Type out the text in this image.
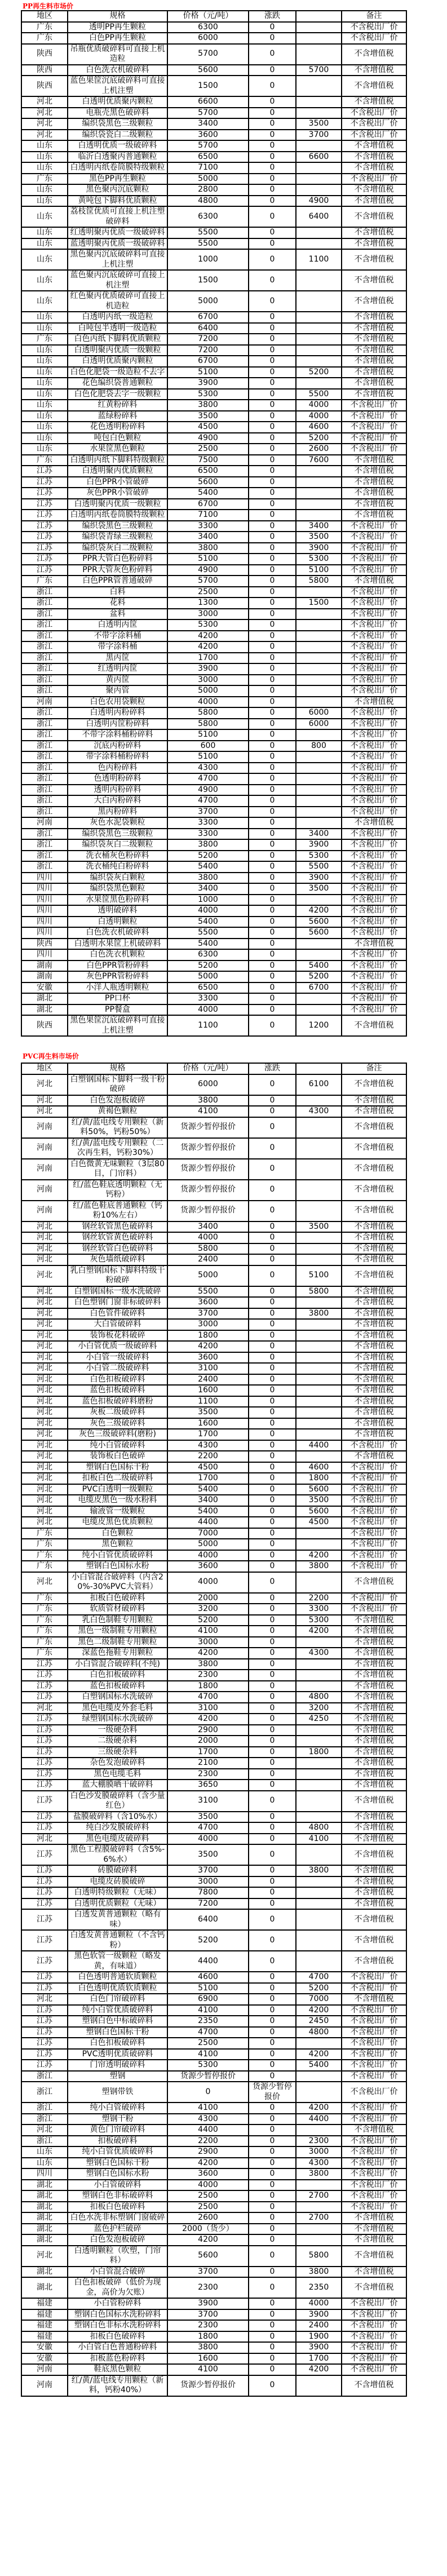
PP再生料市场价
地区	规格	价格（元/吨）	涨跌		备注
广东	透明PP再生颗粒	6300	0		不含税出厂价
广东	白色PP再生颗粒	6000	0		不含税出厂价
陕西	吊瓶优质破碎料可直接上机造粒	5700	0		不含增值税
陕西	白色洗衣机破碎料	5600	0	5700	不含增值税
陕西	蓝色果筐沉底破碎料可直接上机注塑	1500	0		不含增值税
河北	白透明优质聚丙颗粒	6600	0		不含增值税
河北	电瓶壳黑色破碎料	5700	0		不含税出厂价
河北	编织袋黑色三级颗粒	3400	0	3500	不含税出厂价
河北	编织袋瓷白二级颗粒	3600	0	3700	不含税出厂价
山东	白透明优质一级破碎料	5700	0		不含增值税
山东	临沂白透聚丙普通颗粒	6500	0	6600	不含增值税
山东	白透明丙纸卷筒膜特级颗粒	7100	0		不含增值税
广东	黑色PP再生颗粒	5000	0		不含税出厂价
山东	黑色聚丙沉底颗粒	2800	0		不含增值税
山东	黄吨包下脚料优质颗粒	4800	0	4900	不含增值税
山东	荔枝筐优质可直接上机注塑破碎料	6300	0	6400	不含增值税
山东	红透明聚丙优质一级破碎料	5500	0		不含增值税
山东	蓝透明聚丙优质一级破碎料	5500	0		不含增值税
山东	黑色聚丙沉底破碎料可直接上机注塑	1000	0	1100	不含增值税
山东	蓝色聚丙沉底破碎可直接上机注塑	1500	0		不含增值税
山东	红色聚丙优质破碎可直接上机造粒	5000	0		不含增值税
山东	白透明丙纸一级造粒	6700	0		不含增值税
山东	白吨包半透明一级造粒	6400	0		不含增值税
广东	白色丙纸下脚料优质颗粒	7200	0		不含增值税
山东	白透明聚丙优质一级颗粒	7200	0		不含增值税
山东	白透明优质聚丙颗粒	6700	0		不含增值税
山东	白色化肥袋一级造粒不去字	5100	0	5200	不含增值税
山东	花色编织袋普通颗粒	3900	0		不含增值税
山东	白色化肥袋去字一级颗粒	5300	0	5500	不含增值税
山东	红黄粉碎料	3800	0	4000	不含税出厂价
山东	蓝绿粉碎料	3500	0	4000	不含税出厂价
山东	花色透明粉碎料	4500	0	4600	不含税出厂价
山东	吨包白色颗粒	4900	0	5200	不含税出厂价
山东	水果筐黑色颗粒	2500	0	2600	不含税出厂价
广东	白透明丙纸下脚料特级颗粒	7500	0	7600	不含增值税
江苏	白透明聚丙优质颗粒	6500	0		不含增值税
江苏	白色PPR小管破碎	5600	0		不含增值税
江苏	灰色PPR小管破碎	5400	0		不含增值税
江苏	白透明聚丙优质一级颗粒	6700	0		不含增值税
江苏	白透明丙纸卷筒膜特级颗粒	7100	0		不含增值税
江苏	编织袋黑色三级颗粒	3300	0	3400	不含税出厂价
江苏	编织袋青绿三级颗粒	3400	0	3500	不含税出厂价
江苏	编织袋灰白二级颗粒	3800	0	3900	不含税出厂价
江苏	PPR大管白色粉碎料	5100	0	5300	不含税出厂价
江苏	PPR大管灰色粉碎料	4900	0	5100	不含税出厂价
广东	白色PPR管普通破碎	5700	0	5800	不含增值税
浙江	白料	2500	0		不含税出厂价
浙江	花料	1300	0	1500	不含税出厂价
浙江	盆料	3000	0		不含税出厂价
浙江	白透明丙筐	5300	0		不含税出厂价
浙江	不带字涂料桶	4200	0		不含税出厂价
浙江	带字涂料桶	4200	0		不含税出厂价
浙江	黑丙筐	1700	0		不含税出厂价
浙江	红透明丙筐	3900	0		不含税出厂价
浙江	黄丙筐	3000	0		不含税出厂价
浙江	聚丙管	5000	0		不含税出厂价
河南	白色农用袋颗粒	4000	0		不含增值税
浙江	白透明丙粉碎料	5800	0	6000	不含税出厂价
浙江	白透明丙筐粉碎料	5800	0	6000	不含税出厂价
浙江	不带字涂料桶粉碎料	5100	0		不含税出厂价
浙江	沉底丙粉碎料	600	0	800	不含税出厂价
浙江	带字涂料桶粉碎料	5100	0		不含税出厂价
浙江	色丙粉碎料	4300	0		不含税出厂价
浙江	色透明粉碎料	4700	0		不含税出厂价
浙江	透明丙粉碎料	4900	0		不含税出厂价
浙江	大白丙粉碎料	4700	0		不含税出厂价
浙江	黑丙粉碎料	3700	0		不含税出厂价
河南	灰色水泥袋颗粒	3300	0		不含增值税
浙江	编织袋黑色三级颗粒	3300	0	3400	不含税出厂价
浙江	编织袋灰白二级颗粒	3800	0	3900	不含税出厂价
浙江	洗衣桶灰色粉碎料	5200	0	5300	不含税出厂价
浙江	洗衣桶纯白粉碎料	5400	0	5500	不含税出厂价
四川	编织袋灰白颗粒	3800	0	3900	不含税出厂价
四川	编织袋黑色颗粒	3400	0	3500	不含税出厂价
四川	水果筐黑色粉碎料	1000	0		不含税出厂价
四川	透明破碎料	4000	0	4200	不含税出厂价
四川	白透明颗粒	5400	0	5600	不含税出厂价
四川	白色洗衣机破碎料	5500	0	5600	不含税出厂价
陕西	白透明水果筐上机破碎料	5400	0		不含增值税
四川	白色洗衣机颗粒	6300	0		不含税出厂价
湖南	白色PPR管粉碎料	5200	0	5400	不含税出厂价
湖南	灰色PPR管粉碎料	5000	0	5200	不含税出厂价
安徽	小洋人瓶透明颗粒	6500	0	6700	不含税出厂价
湖北	PP口杯	3300	0		不含税出厂价
湖北	PP餐盒	4000	0		不含税出厂价
陕西	黑色果筐沉底破碎料可直接上机注塑	1100	0	1200	不含增值税
PVC再生料市场价
地区	规格	价格（元/吨）	涨跌		备注
河北	白塑钢国标下脚料一级干粉破碎	6000	0	6100	不含增值税
河北	白色发泡板破碎	3800	0		不含增值税
河北	黄褐色颗粒	4100	0	4300	不含增值税
河南	红/黄/蓝电线专用颗粒（新料50%，钙粉50%）	货源少暂停报价	0		不含增值税
河南	红/黄/蓝电线专用颗粒（二次再生料，钙粉30%）	货源少暂停报价	0		不含增值税
河南	白色微黄无味颗粒（3层80目，门帘料）	货源少暂停报价	0		不含增值税
河南	红/蓝色鞋底透明颗粒（无钙粉）	货源少暂停报价	0		不含增值税
河南	红/蓝色鞋底普通颗粒（钙粉10%左右）	货源少暂停报价	0		不含增值税
河北	钢丝软管黑色破碎料	3400	0	3500	不含增值税
河北	钢丝软管黄色破碎料	4000	0		不含增值税
河北	钢丝软管白色破碎料	5800	0		不含增值税
河北	灰色墙纸破碎料	2400	0		不含增值税
河北	乳白塑钢国标下脚料特级干粉破碎	5000	0	5100	不含增值税
河北	白塑钢国标一级水洗破碎	5500	0	5800	不含增值税
河北	白色塑钢门窗非标破碎料	3600	0		不含增值税
河北	白色管件破碎料	3700	0	3800	不含增值税
河北	大白管破碎料	3000	0		不含增值税
河北	装饰板花料破碎	1800	0		不含增值税
河北	小白管优质一级破碎料	4200	0		不含增值税
河北	小白管一级破碎料	3600	0		不含增值税
河北	小白管二级破碎料	3100	0		不含增值税
河北	白色扣板破碎料	2400	0		不含增值税
河北	蓝色扣板破碎料	1600	0		不含增值税
河北	蓝色扣板破碎料磨粉	1100	0		不含增值税
河北	灰板二级破碎料	3500	0		不含增值税
河北	灰色三级破碎料	1600	0		不含增值税
河北	灰色三级破碎料(磨粉)	1700	0		不含增值税
河北	纯小白管破碎料	4300	0	4400	不含税出厂价
河北	装饰板白色破碎	2200	0		不含增值税
河北	塑钢白色国标干粉	4500	0	4600	不含税出厂价
河北	扣板白色二级破碎料	1700	0	1800	不含税出厂价
河北	PVC白透明一级颗粒	5400	0	5600	不含税出厂价
河北	电缆皮黑色一级水粉料	3400	0	3500	不含税出厂价
河北	输液管一级颗粒	5400	0	5600	不含税出厂价
河北	电缆皮黑色优质颗粒	4400	0	4500	不含税出厂价
广东	白色颗粒	7000	0		不含税出厂价
广东	黑色颗粒	5000	0		不含税出厂价
广东	纯小白管优质破碎料	4000	0	4200	不含税出厂价
广东	塑钢白色国标水粉	3600	0	3800	不含税出厂价
河北	小白管混合破碎料（内含20%-30%PVC大管料）	4000	0		不含增值税
广东	扣板白色破碎料	2000	0	2200	不含税出厂价
广东	软质管材破碎料	3200	0	3300	不含税出厂价
广东	乳白色制鞋专用颗粒	5200	0	5300	不含增值税
广东	黑色一级制鞋专用颗粒	4100	0	4200	不含增值税
广东	黑色二级制鞋专用颗粒	3000	0		不含增值税
广东	深蓝色拖鞋专用颗粒	4200	0	4300	不含增值税
江苏	小白管混合破碎料(不纯)	3800	0		不含增值税
江苏	白色扣板破碎料	2300	0		不含增值税
江苏	蓝色扣板破碎料	1800	0		不含增值税
江苏	白塑钢国标水洗破碎	4700	0	4800	不含增值税
河北	黑色电缆皮外套毛料	3100	0	3200	不含增值税
江苏	绿塑钢国标水洗破碎	4200	0	4250	不含增值税
江苏	一级硬杂料	2900	0		不含增值税
江苏	二级硬杂料	2000	0		不含增值税
江苏	三级硬杂料	1700	0	1800	不含增值税
江苏	杂色发泡破碎料	2100	0		不含增值税
江苏	黑色电缆毛料	2300	0		不含增值税
江苏	蓝大棚膜晒干破碎料	3650	0		不含增值税
江苏	白色沙发膜破碎料（含少量红色）	3100	0		不含增值税
江苏	盐膜破碎料（含10%水）	3500	0		不含增值税
江苏	纯白沙发膜破碎料	4700	0	4800	不含增值税
河北	黑色电缆皮破碎料	4000	0	4100	不含增值税
江苏	黑色工程膜破碎料（含5%-6%水）	3500	0		不含增值税
江苏	砖膜破碎料	3700	0	3800	不含增值税
江苏	电缆皮砖膜破碎	3000	0		不含增值税
江苏	白透明特级颗粒（无味）	7800	0		不含增值税
江苏	白透明优质颗粒（无味）	7200	0		不含增值税
江苏	白透发黄普通颗粒（略有味）	6400	0		不含增值税
江苏	白透发黄普通颗粒（不含钙粉）	5200	0		不含增值税
江苏	黑色软管一级颗粒（略发黄，有味道）	4400	0		不含增值税
江苏	白色透明普通软质颗粒	4600	0	4700	不含税出厂价
江苏	白色透明优质软质颗粒	5100	0	5200	不含税出厂价
河北	白色门帘破碎料	6900	0	7000	不含增值税
江苏	纯小白管优质破碎料	4100	0	4200	不含税出厂价
江苏	塑钢白色中标破碎料	2350	0	2450	不含税出厂价
江苏	塑钢白色国标干粉	4700	0	4800	不含税出厂价
江苏	白色扣板破碎料	2500	0		不含税出厂价
江苏	PVC透明优质破碎料	4100	0	4200	不含税出厂价
江苏	门帘透明破碎料	5300	0	5400	不含税出厂价
浙江	塑钢	货源少暂停报价	0		不含税出厂价
浙江	塑钢带铁	0	货源少暂停报价		不含税出厂价
浙江	纯小白管破碎料	4100	0	4200	不含税出厂价
浙江	塑钢干粉	4300	0	4400	不含税出厂价
河北	黄色门帘破碎料	4400	0		不含增值税
浙江	扣板破碎料	2200	0	2300	不含税出厂价
山东	纯小白管优质破碎料	2900	0	3000	不含税出厂价
山东	塑钢白色国标干粉	4200	0	4300	不含税出厂价
四川	塑钢白色国标水粉	3600	0	3800	不含税出厂价
湖北	小白管破碎料	4000	0		不含税出厂价
湖北	塑钢白色非标破碎料	2500	0	2700	不含税出厂价
湖北	扣板白色破碎料	2500	0		不含税出厂价
湖北	白色水洗非标塑钢门窗破碎	2600	0	2700	不含增值税
湖北	蓝色护栏破碎	2000（货少）	0		不含增值税
湖北	白色发泡板破碎	4200	0		不含增值税
河北	白透明颗粒（吹塑，门帘料）	5600	0	5800	不含增值税
湖北	小白管混合破碎	3700	0	3800	不含增值税
湖北	白色扣板破碎（低价为现金，高价为欠账）	2300	0	2350	不含增值税
福建	小白管粉碎料	3900	0	4000	不含税出厂价
福建	塑钢白色国标水洗粉碎料	3700	0	3900	不含税出厂价
福建	塑钢白色非标水洗粉碎料	2300	0	2400	不含税出厂价
福建	扣板白色破碎料	1800	0	1900	不含税出厂价
安徽	小白管白色普通粉碎料	3800	0	3900	不含税出厂价
安徽	扣板蓝色粉碎料	1600	0	1700	不含税出厂价
河南	鞋底黑色颗粒	4100	0	4200	不含税出厂价
河南	红/黄/蓝电线专用颗粒（新料，钙粉40%）	货源少暂停报价	0		不含增值税
